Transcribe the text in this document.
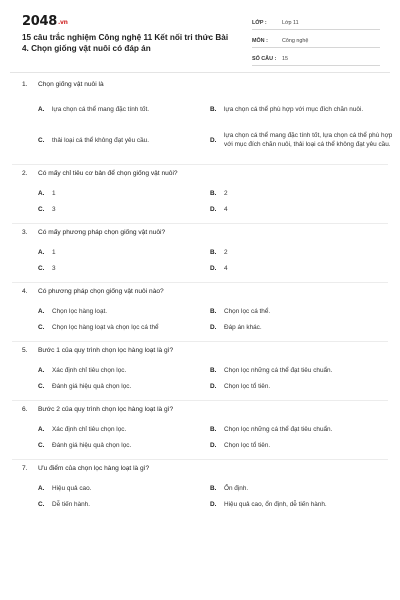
2048.vn
15 câu trắc nghiệm Công nghệ 11 Kết nối tri thức Bài 4. Chọn giống vật nuôi có đáp án
LỚP :	Lớp 11
MÔN :	Công nghệ
SỐ CÂU :	15
1. Chọn giống vật nuôi là
A.	lựa chọn cá thể mang đặc tính tốt.	B.	lựa chọn cá thể phù hợp với mục đích chăn nuôi.
C.	thải loại cá thể không đạt yêu cầu.	D.
lựa chọn cá thể mang đặc tính tốt, lựa chọn cá thể phù hợp với mục đích chăn nuôi, thải loại cá thể không đạt yêu cầu.
2. Có mấy chỉ tiêu cơ bản để chọn giống vật nuôi?
A.	1	B.	2
C.	3	D.	4
3. Có mấy phương pháp chọn giống vật nuôi?
A.	1	B.	2
C.	3	D.	4
4. Có phương pháp chọn giống vật nuôi nào?
A.	Chọn lọc hàng loạt.	B.	Chọn lọc cá thể.
C.	Chọn lọc hàng loạt và chọn lọc cá thể	D.	Đáp án khác.
5. Bước 1 của quy trình chọn lọc hàng loạt là gì?
A.	Xác định chỉ tiêu chọn lọc.	B.	Chọn lọc những cá thể đạt tiêu chuẩn.
C.	Đánh giá hiệu quả chọn lọc.	D.	Chọn lọc tổ tiên.
6. Bước 2 của quy trình chọn lọc hàng loạt là gì?
A.	Xác định chỉ tiêu chọn lọc.	B.	Chọn lọc những cá thể đạt tiêu chuẩn.
C.	Đánh giá hiệu quả chọn lọc.	D.	Chọn lọc tổ tiên.
7. Ưu điểm của chọn lọc hàng loạt là gì?
A.	Hiệu quả cao.	B.	Ổn định.
C.	Dễ tiến hành.	D.	Hiệu quả cao, ổn định, dễ tiến hành.
